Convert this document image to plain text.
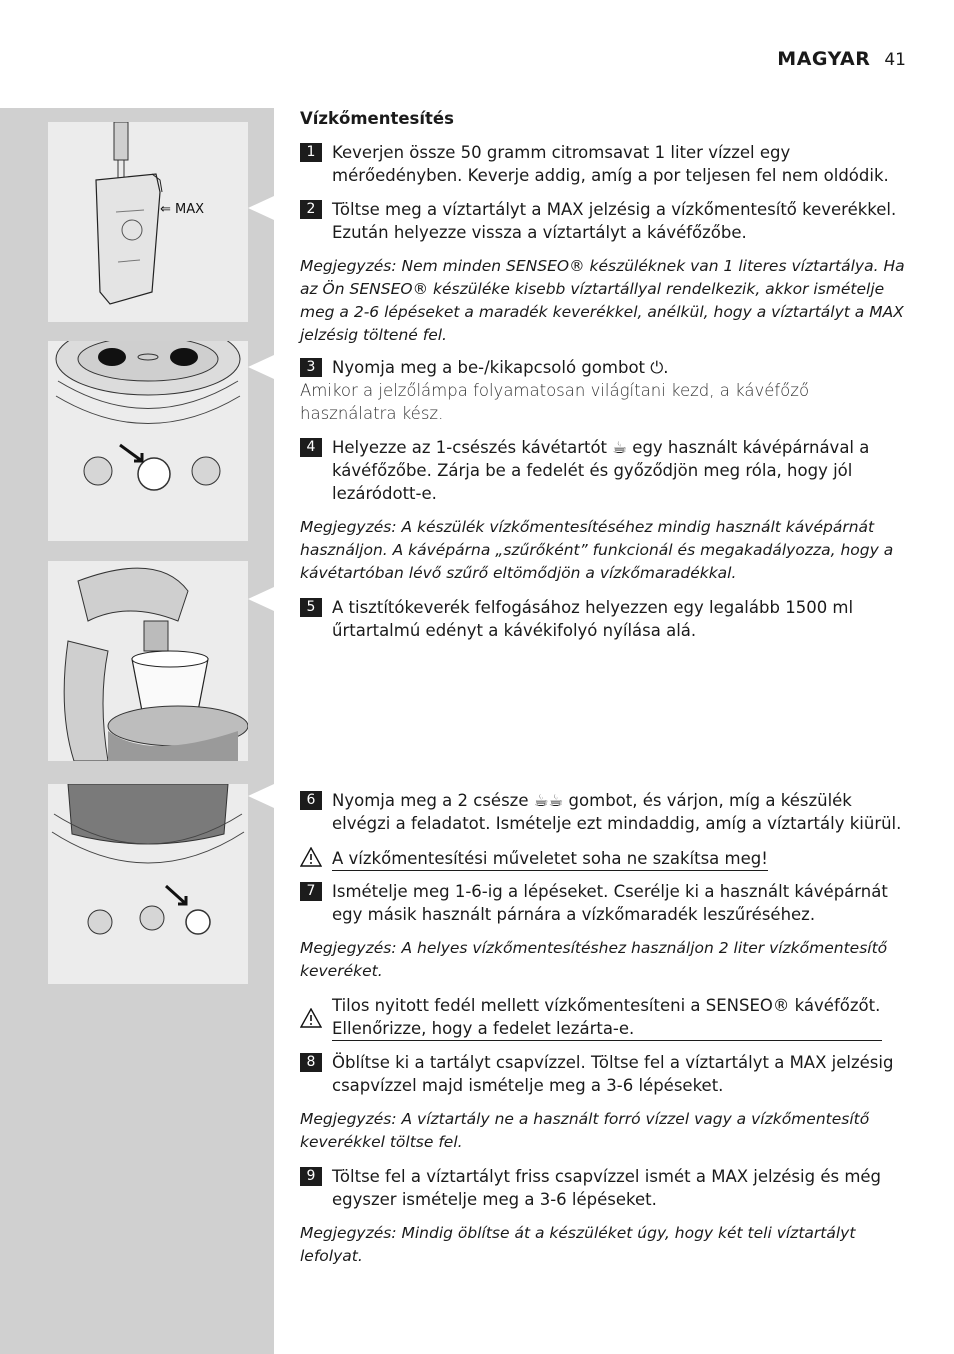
MAGYAR 41
⇐ MAX
Vízkőmentesítés
1	Keverjen össze 50 gramm citromsavat 1 liter vízzel egy mérőedényben. Keverje addig, amíg a por teljesen fel nem oldódik.
2	Töltse meg a víztartályt a MAX jelzésig a vízkőmentesítő keverékkel. Ezután helyezze vissza a víztartályt a kávéfőzőbe.
Megjegyzés: Nem minden SENSEO® készüléknek van 1 literes víztartálya. Ha az Ön SENSEO® készüléke kisebb víztartállyal rendelkezik, akkor ismételje meg a 2-6 lépéseket a maradék keverékkel, anélkül, hogy a víztartályt a MAX jelzésig töltené fel.
3	Nyomja meg a be-/kikapcsoló gombot ⏻.
Amikor a jelzőlámpa folyamatosan világítani kezd, a kávéfőző használatra kész.
4	Helyezze az 1-csészés kávétartót ☕ egy használt kávépárnával a kávéfőzőbe. Zárja be a fedelét és győződjön meg róla, hogy jól lezáródott-e.
Megjegyzés: A készülék vízkőmentesítéséhez mindig használt kávépárnát használjon. A kávépárna „szűrőként” funkcionál és megakadályozza, hogy a kávétartóban lévő szűrő eltömődjön a vízkőmaradékkal.
5	A tisztítókeverék felfogásához helyezzen egy legalább 1500 ml űrtartalmú edényt a kávékifolyó nyílása alá.
6	Nyomja meg a 2 csésze ☕☕ gombot, és várjon, míg a készülék elvégzi a feladatot. Ismételje ezt mindaddig, amíg a víztartály kiürül.
A vízkőmentesítési műveletet soha ne szakítsa meg!
7	Ismételje meg 1-6-ig a lépéseket. Cserélje ki a használt kávépárnát egy másik használt párnára a vízkőmaradék leszűréséhez.
Megjegyzés: A helyes vízkőmentesítéshez használjon 2 liter vízkőmentesítő keveréket.
Tilos nyitott fedél mellett vízkőmentesíteni a SENSEO® kávéfőzőt. Ellenőrizze, hogy a fedelet lezárta-e.
8	Öblítse ki a tartályt csapvízzel. Töltse fel a víztartályt a MAX jelzésig csapvízzel majd ismételje meg a 3-6 lépéseket.
Megjegyzés: A víztartály ne a használt forró vízzel vagy a vízkőmentesítő keverékkel töltse fel.
9	Töltse fel a víztartályt friss csapvízzel ismét a MAX jelzésig és még egyszer ismételje meg a 3-6 lépéseket.
Megjegyzés: Mindig öblítse át a készüléket úgy, hogy két teli víztartályt lefolyat.
